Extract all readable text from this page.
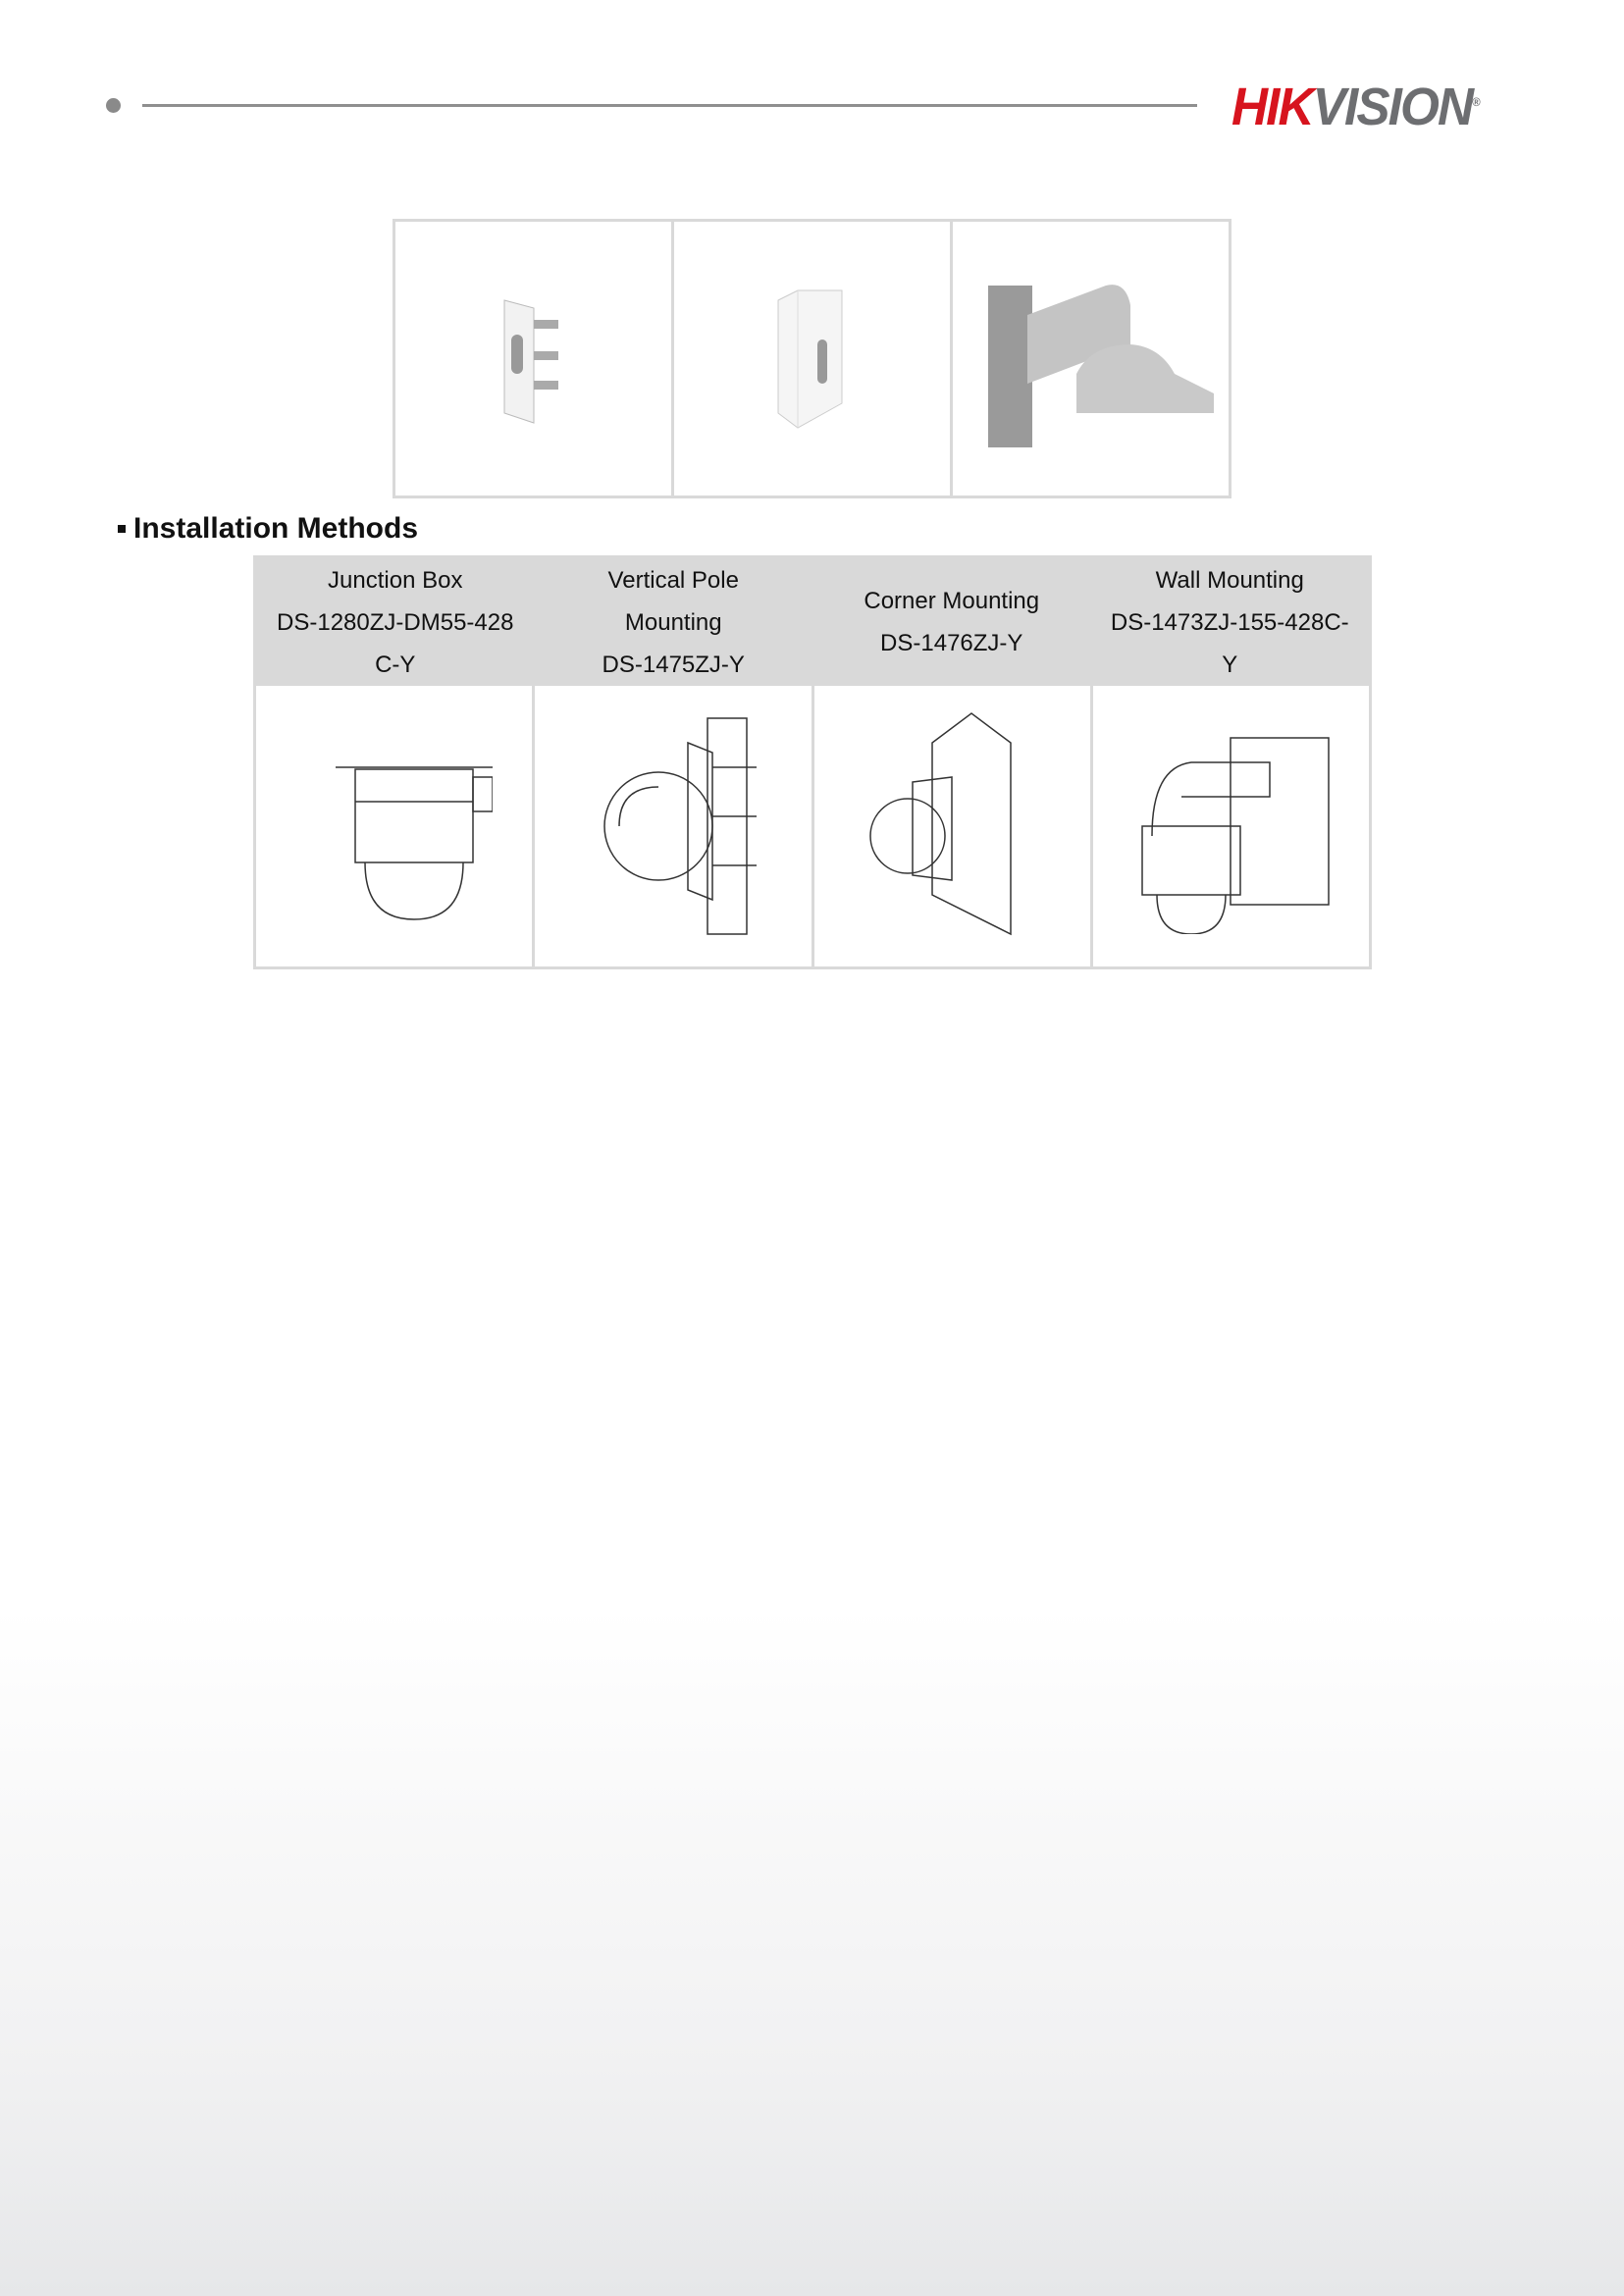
HIKVISION®
Installation Methods
Junction Box
DS-1280ZJ-DM55-428
C-Y
Vertical Pole
Mounting
DS-1475ZJ-Y
Corner Mounting
DS-1476ZJ-Y
Wall Mounting
DS-1473ZJ-155-428C-
Y
